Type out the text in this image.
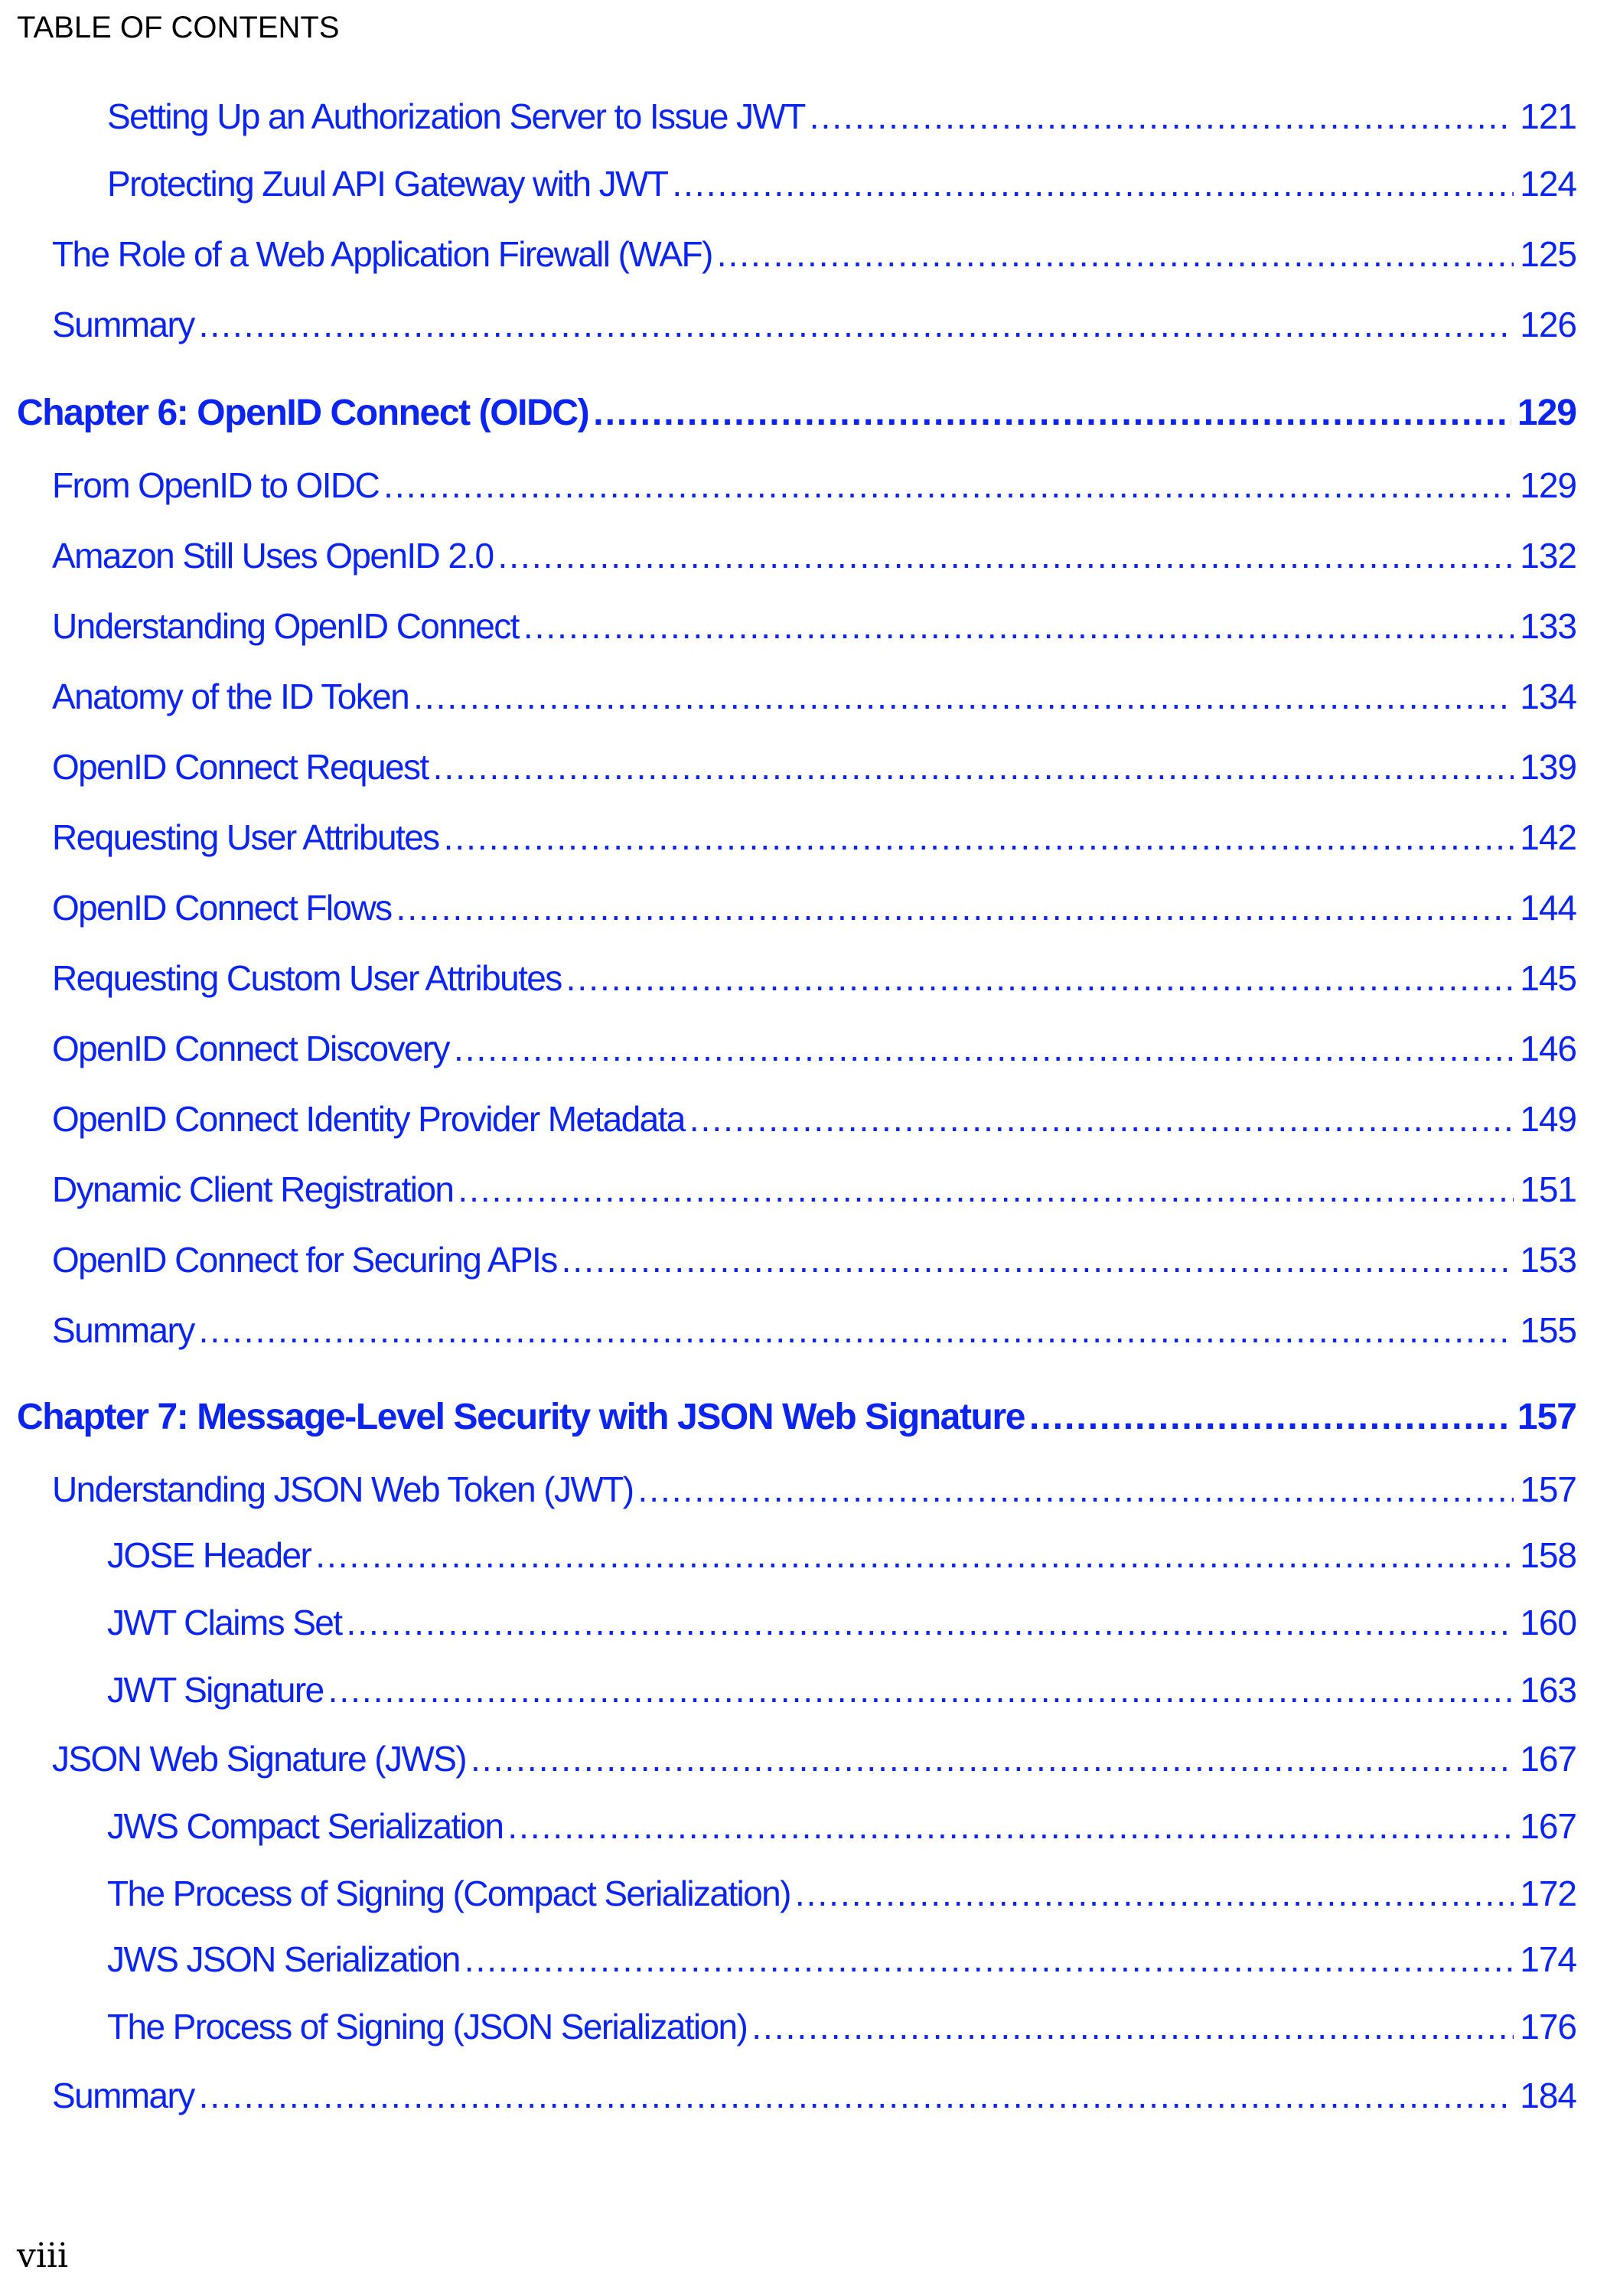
TABLE OF CONTENTS
Setting Up an Authorization Server to Issue JWT .....	121
Protecting Zuul API Gateway with JWT .....	124
The Role of a Web Application Firewall (WAF) .....	125
Summary .....	126
Chapter 6: OpenID Connect (OIDC) .....	129
From OpenID to OIDC .....	129
Amazon Still Uses OpenID 2.0 .....	132
Understanding OpenID Connect .....	133
Anatomy of the ID Token .....	134
OpenID Connect Request .....	139
Requesting User Attributes .....	142
OpenID Connect Flows .....	144
Requesting Custom User Attributes .....	145
OpenID Connect Discovery .....	146
OpenID Connect Identity Provider Metadata .....	149
Dynamic Client Registration .....	151
OpenID Connect for Securing APIs .....	153
Summary .....	155
Chapter 7: Message-Level Security with JSON Web Signature .....	157
Understanding JSON Web Token (JWT) .....	157
JOSE Header .....	158
JWT Claims Set .....	160
JWT Signature .....	163
JSON Web Signature (JWS) .....	167
JWS Compact Serialization .....	167
The Process of Signing (Compact Serialization) .....	172
JWS JSON Serialization .....	174
The Process of Signing (JSON Serialization) .....	176
Summary .....	184
viii
